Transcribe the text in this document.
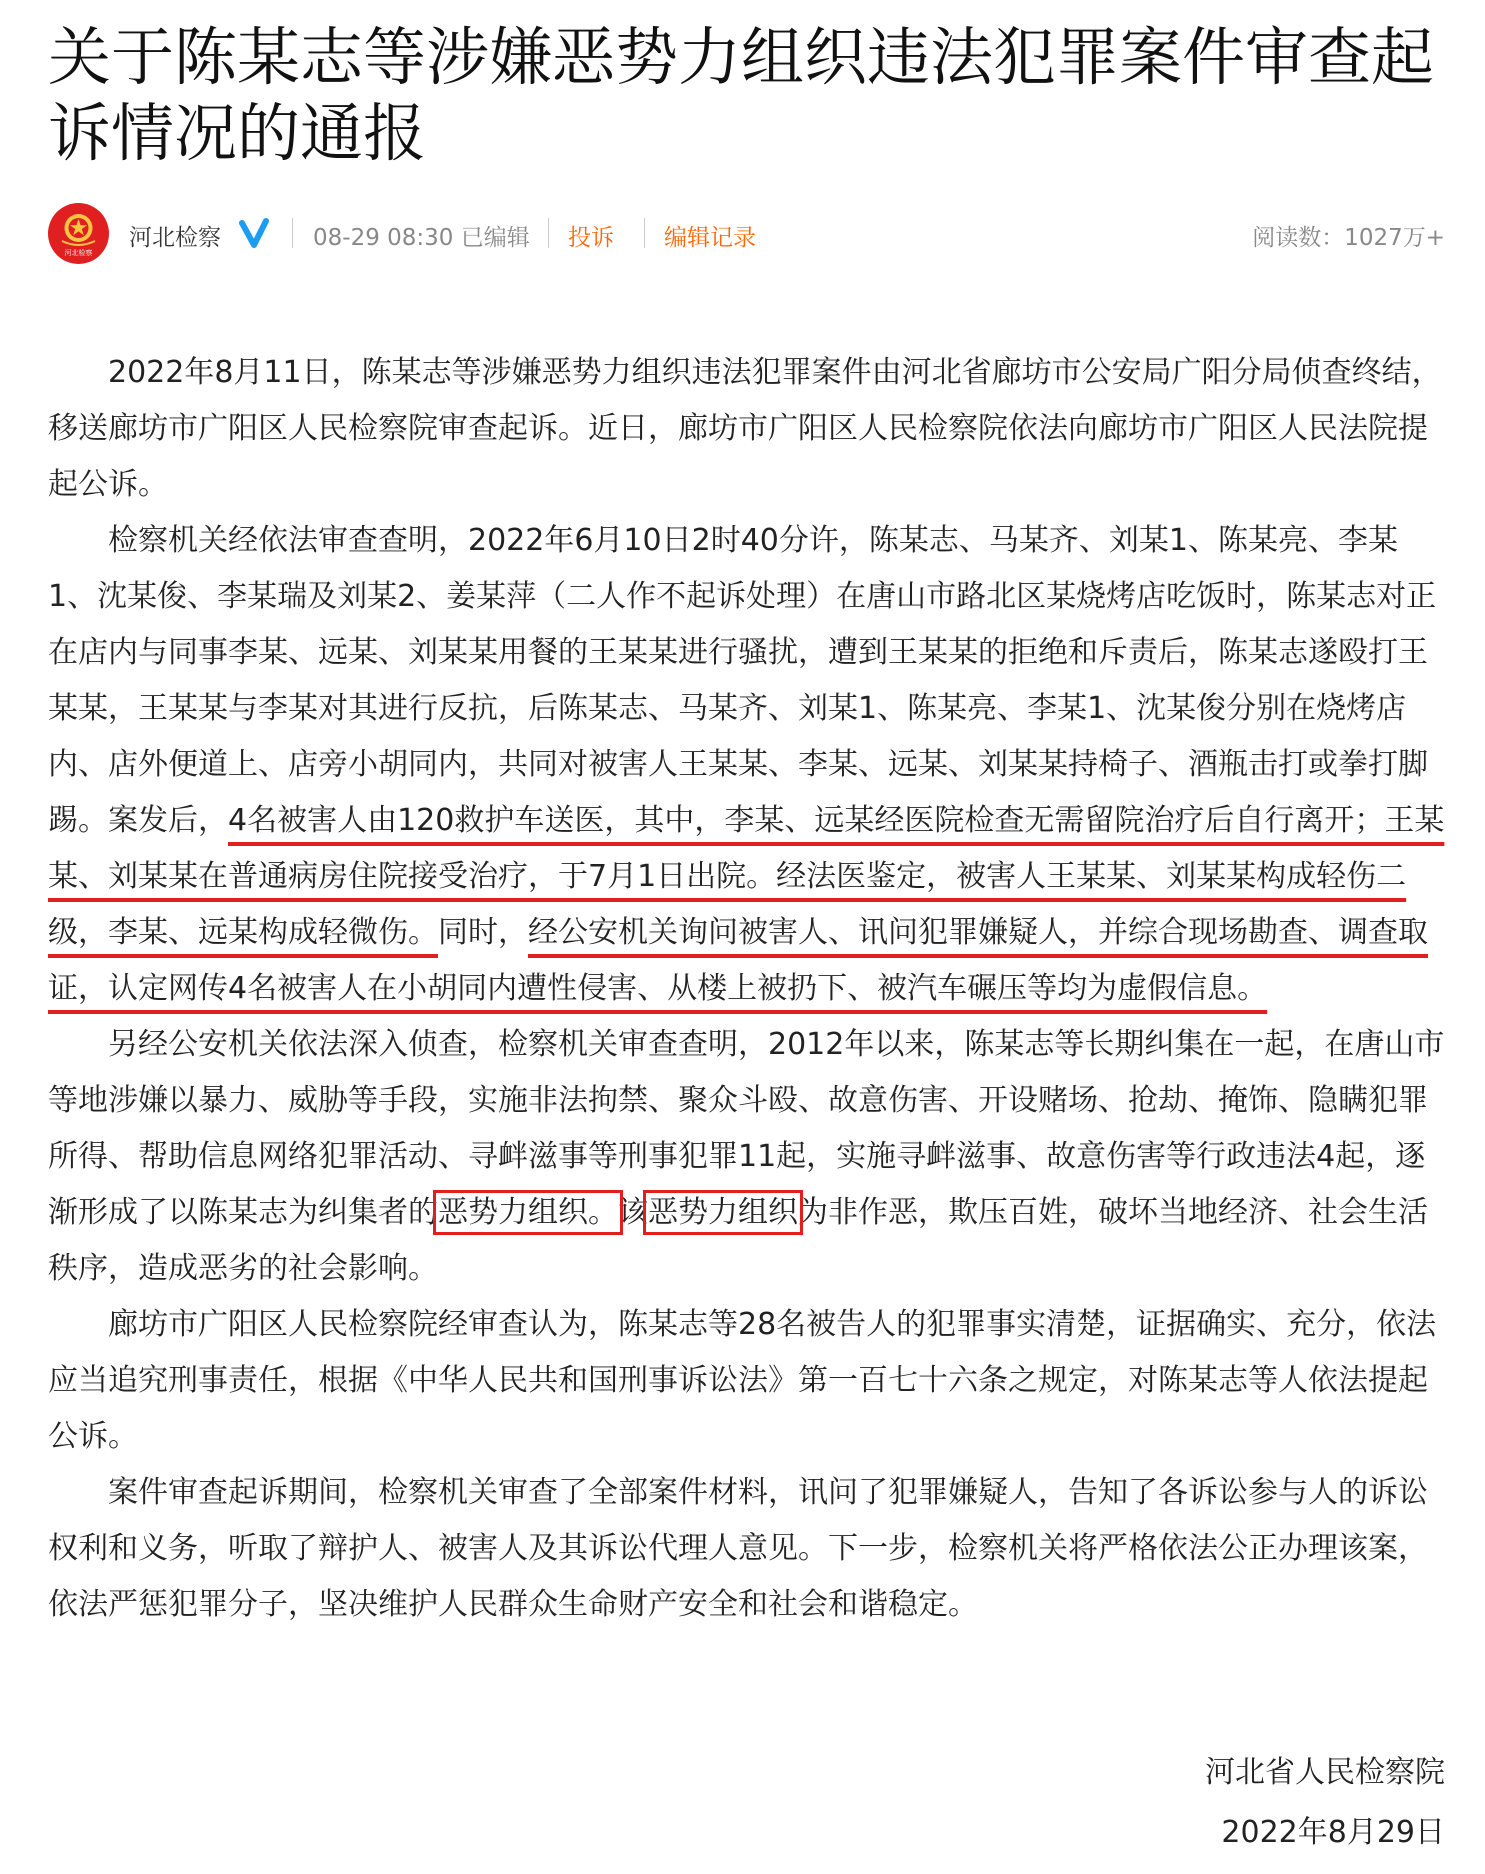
关于陈某志等涉嫌恶势力组织违法犯罪案件审查起诉情况的通报
河北检察
河北检察	08-29 08:30 已编辑 投诉 编辑记录	阅读数：1027万+

2022年8月11日，陈某志等涉嫌恶势力组织违法犯罪案件由河北省廊坊市公安局广阳分局侦查终结，移送廊坊市广阳区人民检察院审查起诉。近日，廊坊市广阳区人民检察院依法向廊坊市广阳区人民法院提起公诉。

检察机关经依法审查查明，2022年6月10日2时40分许，陈某志、马某齐、刘某1、陈某亮、李某1、沈某俊、李某瑞及刘某2、姜某萍（二人作不起诉处理）在唐山市路北区某烧烤店吃饭时，陈某志对正在店内与同事李某、远某、刘某某用餐的王某某进行骚扰，遭到王某某的拒绝和斥责后，陈某志遂殴打王某某，王某某与李某对其进行反抗，后陈某志、马某齐、刘某1、陈某亮、李某1、沈某俊分别在烧烤店内、店外便道上、店旁小胡同内，共同对被害人王某某、李某、远某、刘某某持椅子、酒瓶击打或拳打脚踢。案发后，4名被害人由120救护车送医，其中，李某、远某经医院检查无需留院治疗后自行离开；王某某、刘某某在普通病房住院接受治疗，于7月1日出院。经法医鉴定，被害人王某某、刘某某构成轻伤二级，李某、远某构成轻微伤。同时，经公安机关询问被害人、讯问犯罪嫌疑人，并综合现场勘查、调查取证，认定网传4名被害人在小胡同内遭性侵害、从楼上被扔下、被汽车碾压等均为虚假信息。

另经公安机关依法深入侦查，检察机关审查查明，2012年以来，陈某志等长期纠集在一起，在唐山市等地涉嫌以暴力、威胁等手段，实施非法拘禁、聚众斗殴、故意伤害、开设赌场、抢劫、掩饰、隐瞒犯罪所得、帮助信息网络犯罪活动、寻衅滋事等刑事犯罪11起，实施寻衅滋事、故意伤害等行政违法4起，逐渐形成了以陈某志为纠集者的恶势力组织。该恶势力组织为非作恶，欺压百姓，破坏当地经济、社会生活秩序，造成恶劣的社会影响。

廊坊市广阳区人民检察院经审查认为，陈某志等28名被告人的犯罪事实清楚，证据确实、充分，依法应当追究刑事责任，根据《中华人民共和国刑事诉讼法》第一百七十六条之规定，对陈某志等人依法提起公诉。

案件审查起诉期间，检察机关审查了全部案件材料，讯问了犯罪嫌疑人，告知了各诉讼参与人的诉讼权利和义务，听取了辩护人、被害人及其诉讼代理人意见。下一步，检察机关将严格依法公正办理该案，依法严惩犯罪分子，坚决维护人民群众生命财产安全和社会和谐稳定。

河北省人民检察院
2022年8月29日
